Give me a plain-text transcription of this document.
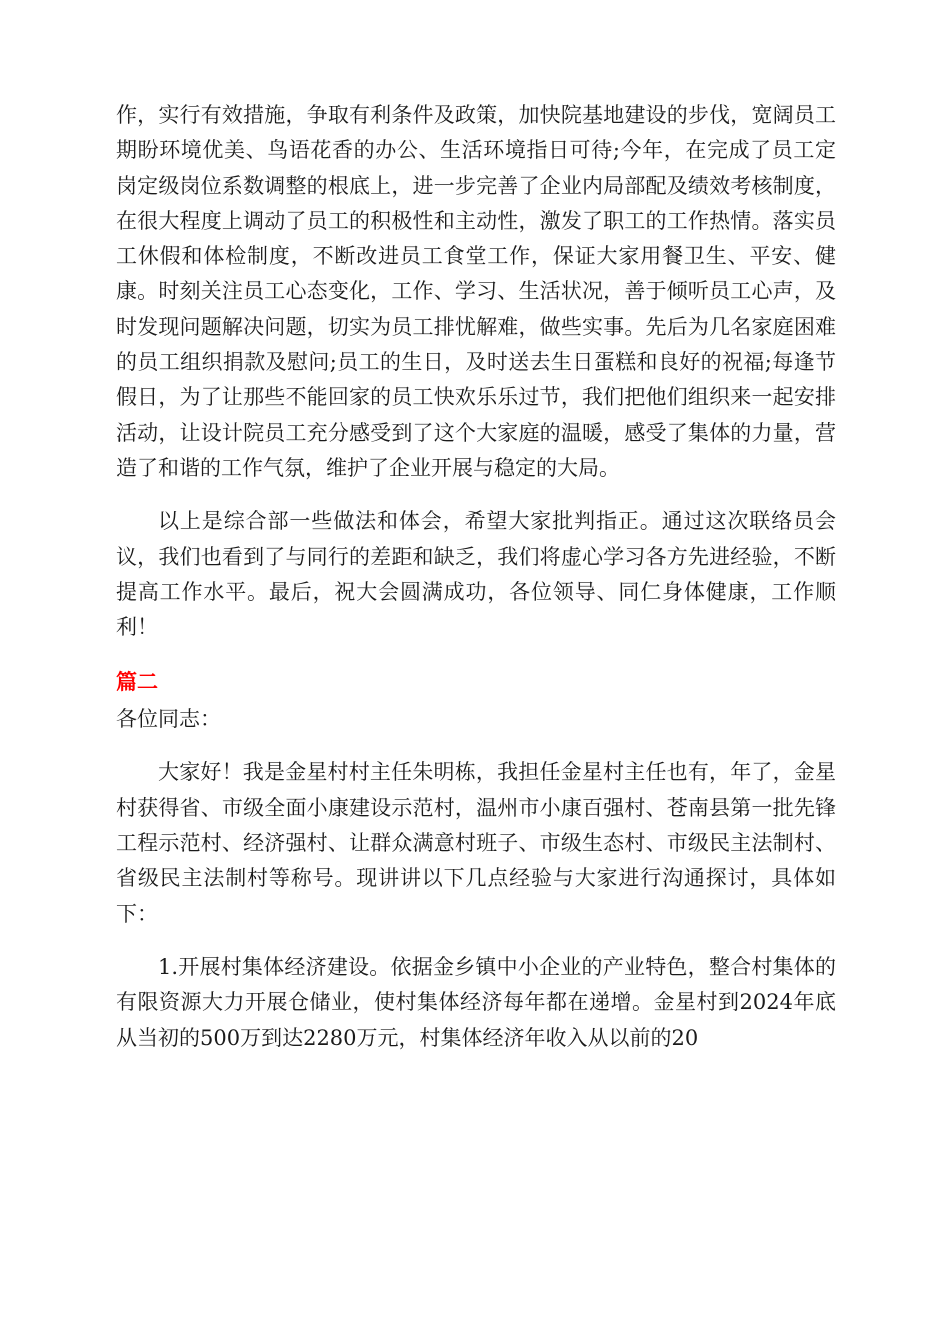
作，实行有效措施，争取有利条件及政策，加快院基地建设的步伐，宽阔员工期盼环境优美、鸟语花香的办公、生活环境指日可待;今年，在完成了员工定岗定级岗位系数调整的根底上，进一步完善了企业内局部配及绩效考核制度，在很大程度上调动了员工的积极性和主动性，激发了职工的工作热情。落实员工休假和体检制度，不断改进员工食堂工作，保证大家用餐卫生、平安、健康。时刻关注员工心态变化，工作、学习、生活状况，善于倾听员工心声，及时发现问题解决问题，切实为员工排忧解难，做些实事。先后为几名家庭困难的员工组织捐款及慰问;员工的生日，及时送去生日蛋糕和良好的祝福;每逢节假日，为了让那些不能回家的员工快欢乐乐过节，我们把他们组织来一起安排活动，让设计院员工充分感受到了这个大家庭的温暖，感受了集体的力量，营造了和谐的工作气氛，维护了企业开展与稳定的大局。

以上是综合部一些做法和体会，希望大家批判指正。通过这次联络员会议，我们也看到了与同行的差距和缺乏，我们将虚心学习各方先进经验，不断提高工作水平。最后，祝大会圆满成功，各位领导、同仁身体健康，工作顺利！

篇二

各位同志：

大家好！我是金星村村主任朱明栋，我担任金星村主任也有，年了，金星村获得省、市级全面小康建设示范村，温州市小康百强村、苍南县第一批先锋工程示范村、经济强村、让群众满意村班子、市级生态村、市级民主法制村、省级民主法制村等称号。现讲讲以下几点经验与大家进行沟通探讨，具体如下：

1.开展村集体经济建设。依据金乡镇中小企业的产业特色，整合村集体的有限资源大力开展仓储业，使村集体经济每年都在递增。金星村到2024年底从当初的500万到达2280万元，村集体经济年收入从以前的20
